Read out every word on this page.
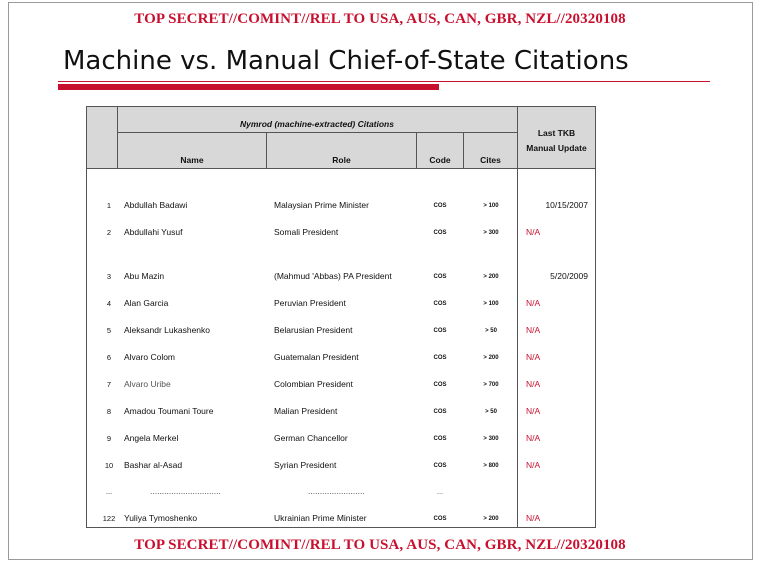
TOP SECRET//COMINT//REL TO USA, AUS, CAN, GBR, NZL//20320108
Machine vs. Manual Chief-of-State Citations
Nymrod (machine-extracted) Citations
Name	Role	Code	Cites
Last TKB
Manual Update
1	Abdullah Badawi	Malaysian Prime Minister	COS	> 100	10/15/2007
2	Abdullahi Yusuf	Somali President	COS	> 300	N/A
3	Abu Mazin	(Mahmud 'Abbas) PA President	COS	> 200	5/20/2009
4	Alan Garcia	Peruvian President	COS	> 100	N/A
5	Aleksandr Lukashenko	Belarusian President	COS	> 50	N/A
6	Alvaro Colom	Guatemalan President	COS	> 200	N/A
7	Alvaro Uribe	Colombian President	COS	> 700	N/A
8	Amadou Toumani Toure	Malian President	COS	> 50	N/A
9	Angela Merkel	German Chancellor	COS	> 300	N/A
10	Bashar al-Asad	Syrian President	COS	> 800	N/A
...	..............................	........................	...
122	Yuliya Tymoshenko	Ukrainian Prime Minister	COS	> 200	N/A
TOP SECRET//COMINT//REL TO USA, AUS, CAN, GBR, NZL//20320108
